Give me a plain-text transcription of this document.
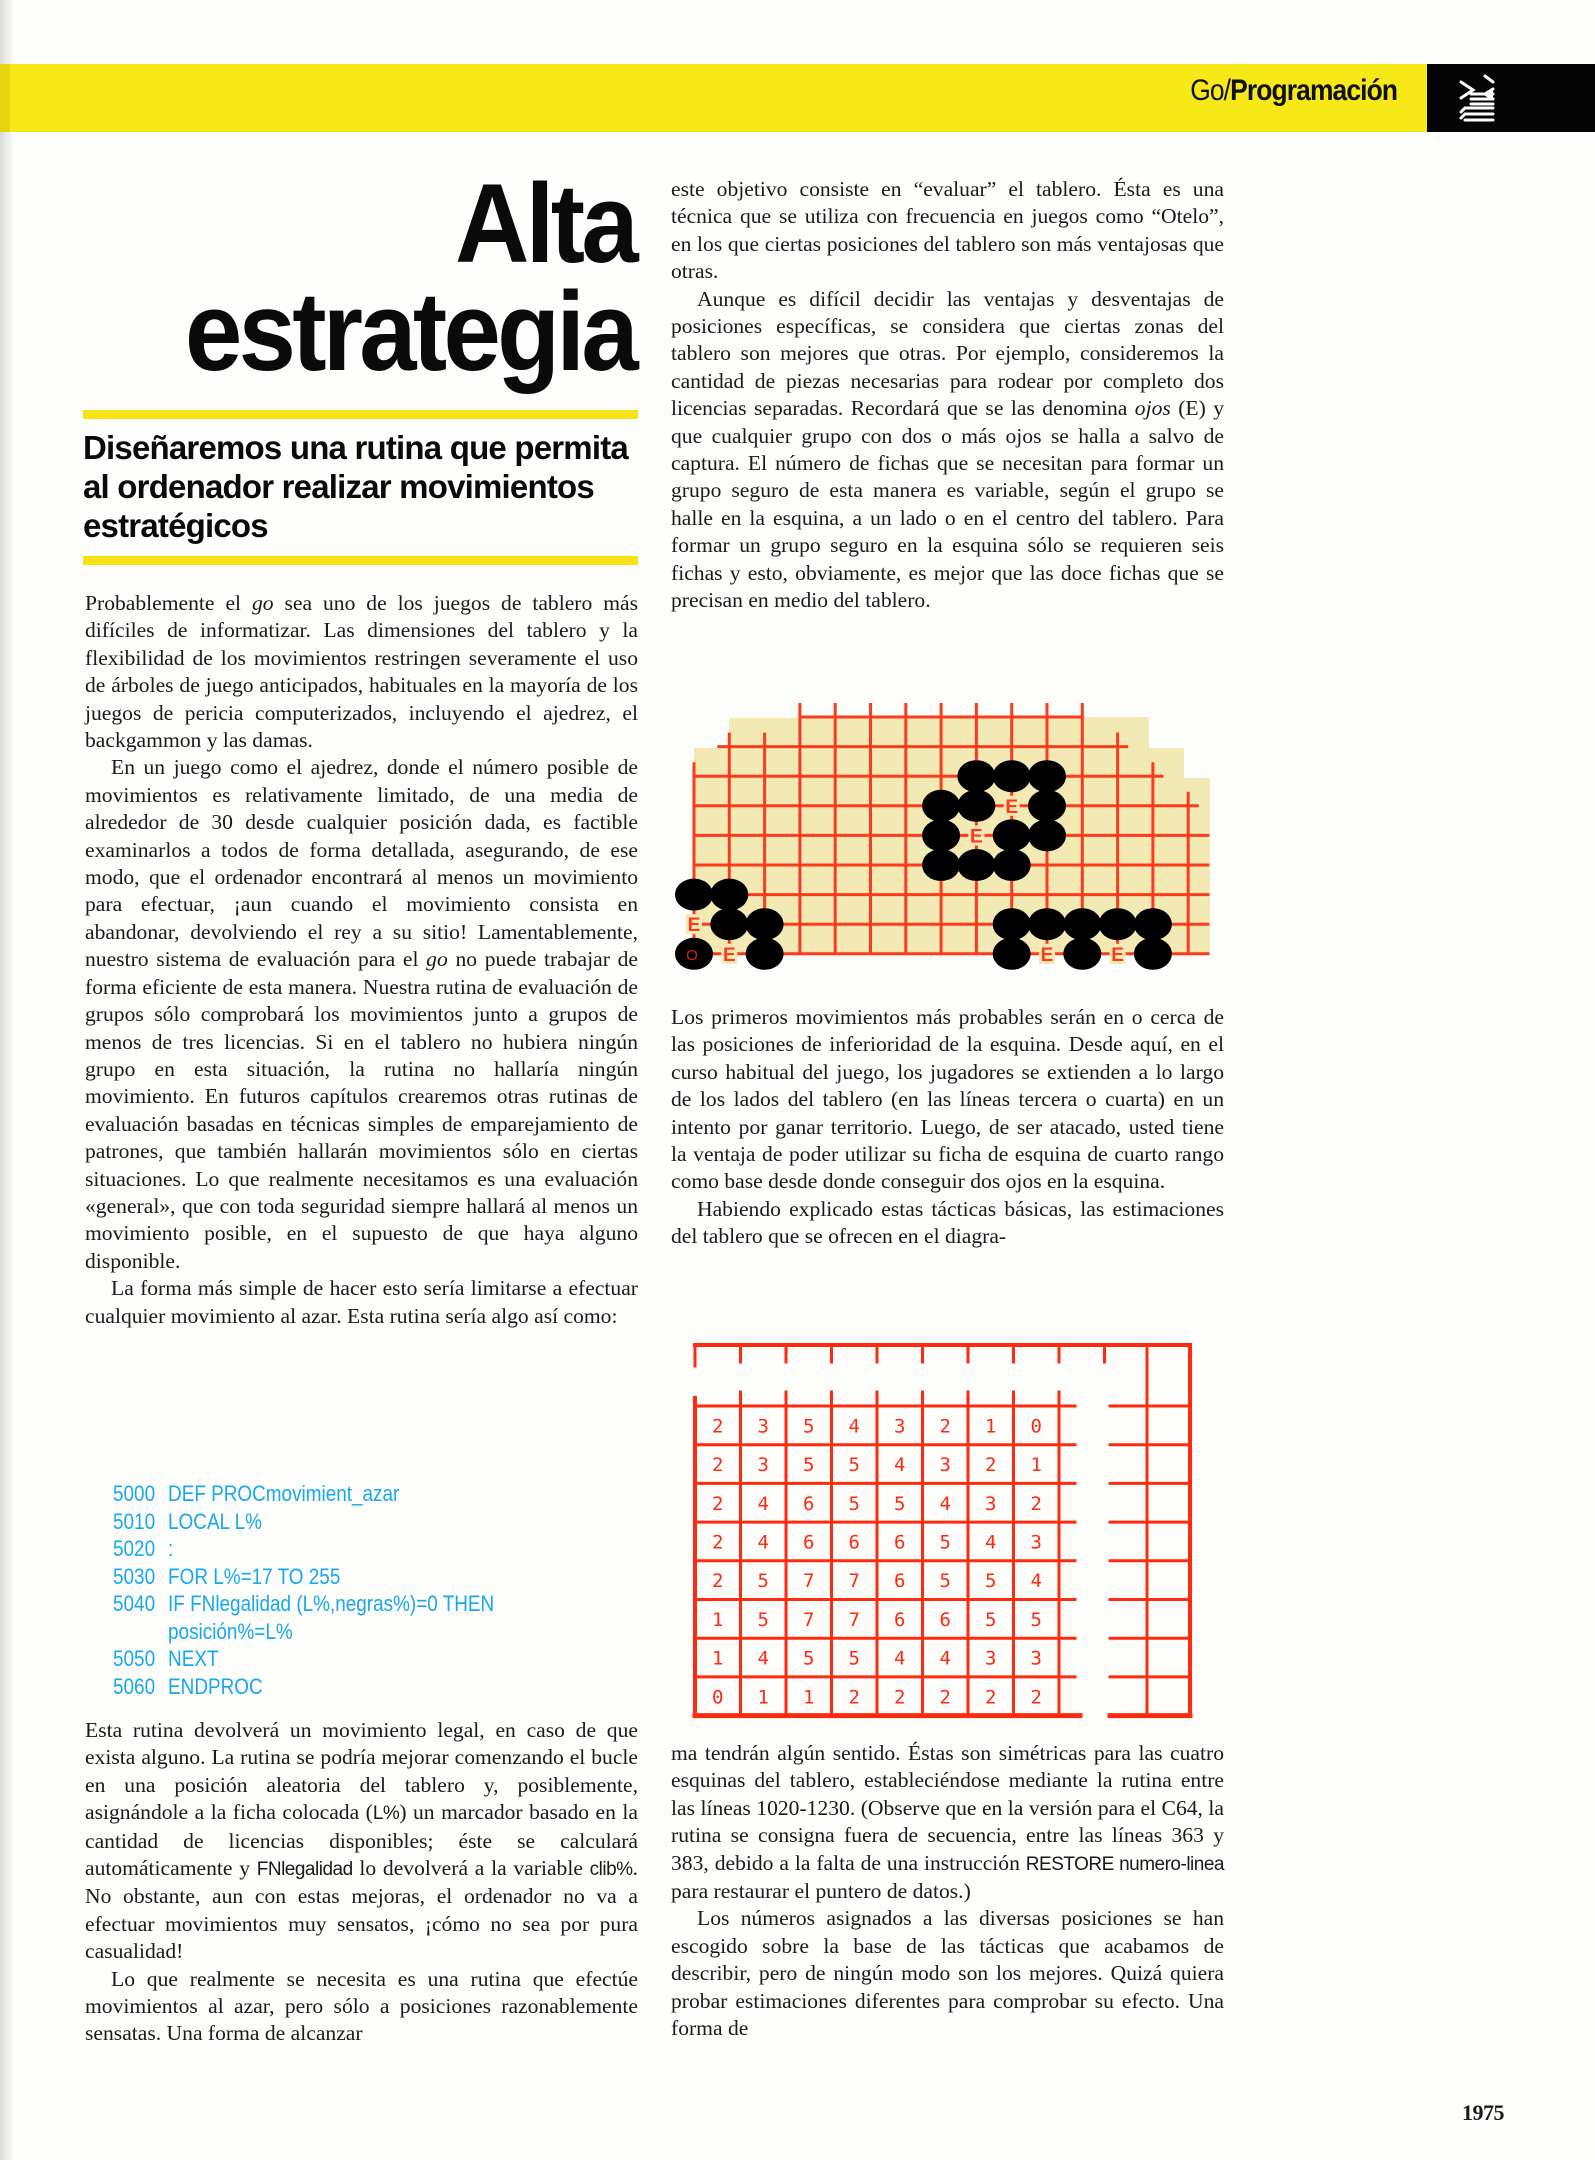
Go/Programación
Alta
estrategia
Diseñaremos una rutina que permita al ordenador realizar movimientos estratégicos

Probablemente el go sea uno de los juegos de tablero más difíciles de informatizar. Las dimensiones del tablero y la flexibilidad de los movimientos restringen severamente el uso de árboles de juego anticipados, habituales en la mayoría de los juegos de pericia computerizados, incluyendo el ajedrez, el backgammon y las damas.

En un juego como el ajedrez, donde el número posible de movimientos es relativamente limitado, de una media de alrededor de 30 desde cualquier posición dada, es factible examinarlos a todos de forma detallada, asegurando, de ese modo, que el ordenador encontrará al menos un movimiento para efectuar, ¡aun cuando el movimiento consista en abandonar, devolviendo el rey a su sitio! Lamentablemente, nuestro sistema de evaluación para el go no puede trabajar de forma eficiente de esta manera. Nuestra rutina de evaluación de grupos sólo comprobará los movimientos junto a grupos de menos de tres licencias. Si en el tablero no hubiera ningún grupo en esta situación, la rutina no hallaría ningún movimiento. En futuros capítulos crearemos otras rutinas de evaluación basadas en técnicas simples de emparejamiento de patrones, que también hallarán movimientos sólo en ciertas situaciones. Lo que realmente necesitamos es una evaluación «general», que con toda seguridad siempre hallará al menos un movimiento posible, en el supuesto de que haya alguno disponible.

La forma más simple de hacer esto sería limitarse a efectuar cualquier movimiento al azar. Esta rutina sería algo así como:

5000 DEF PROCmovimient_azar
5010 LOCAL L%
5020 :
5030 FOR L%=17 TO 255
5040 IF FNlegalidad (L%,negras%)=0 THEN
posición%=L%
5050 NEXT
5060 ENDPROC

Esta rutina devolverá un movimiento legal, en caso de que exista alguno. La rutina se podría mejorar comenzando el bucle en una posición aleatoria del tablero y, posiblemente, asignándole a la ficha colocada (L%) un marcador basado en la cantidad de licencias disponibles; éste se calculará automáticamente y FNlegalidad lo devolverá a la variable clib%. No obstante, aun con estas mejoras, el ordenador no va a efectuar movimientos muy sensatos, ¡cómo no sea por pura casualidad!

Lo que realmente se necesita es una rutina que efectúe movimientos al azar, pero sólo a posiciones razonablemente sensatas. Una forma de alcanzar

este objetivo consiste en “evaluar” el tablero. Ésta es una técnica que se utiliza con frecuencia en juegos como “Otelo”, en los que ciertas posiciones del tablero son más ventajosas que otras.

Aunque es difícil decidir las ventajas y desventajas de posiciones específicas, se considera que ciertas zonas del tablero son mejores que otras. Por ejemplo, consideremos la cantidad de piezas necesarias para rodear por completo dos licencias separadas. Recordará que se las denomina ojos (E) y que cualquier grupo con dos o más ojos se halla a salvo de captura. El número de fichas que se necesitan para formar un grupo seguro de esta manera es variable, según el grupo se halle en la esquina, a un lado o en el centro del tablero. Para formar un grupo seguro en la esquina sólo se requieren seis fichas y esto, obviamente, es mejor que las doce fichas que se precisan en medio del tablero.

O
E
E
E
E
E	E

Los primeros movimientos más probables serán en o cerca de las posiciones de inferioridad de la esquina. Desde aquí, en el curso habitual del juego, los jugadores se extienden a lo largo de los lados del tablero (en las líneas tercera o cuarta) en un intento por ganar territorio. Luego, de ser atacado, usted tiene la ventaja de poder utilizar su ficha de esquina de cuarto rango como base desde donde conseguir dos ojos en la esquina.

Habiendo explicado estas tácticas básicas, las estimaciones del tablero que se ofrecen en el diagra-

2 3 5 4 3 2 1 0
2 3 5 5 4 3 2 1
2 4 6 5 5 4 3 2
2 4 6 6 6 5 4 3
2 5 7 7 6 5 5 4
1 5 7 7 6 6 5 5
1 4 5 5 4 4 3 3
0 1 1 2 2 2 2 2

ma tendrán algún sentido. Éstas son simétricas para las cuatro esquinas del tablero, estableciéndose mediante la rutina entre las líneas 1020-1230. (Observe que en la versión para el C64, la rutina se consigna fuera de secuencia, entre las líneas 363 y 383, debido a la falta de una instrucción RESTORE numero-linea para restaurar el puntero de datos.)

Los números asignados a las diversas posiciones se han escogido sobre la base de las tácticas que acabamos de describir, pero de ningún modo son los mejores. Quizá quiera probar estimaciones diferentes para comprobar su efecto. Una forma de

1975
